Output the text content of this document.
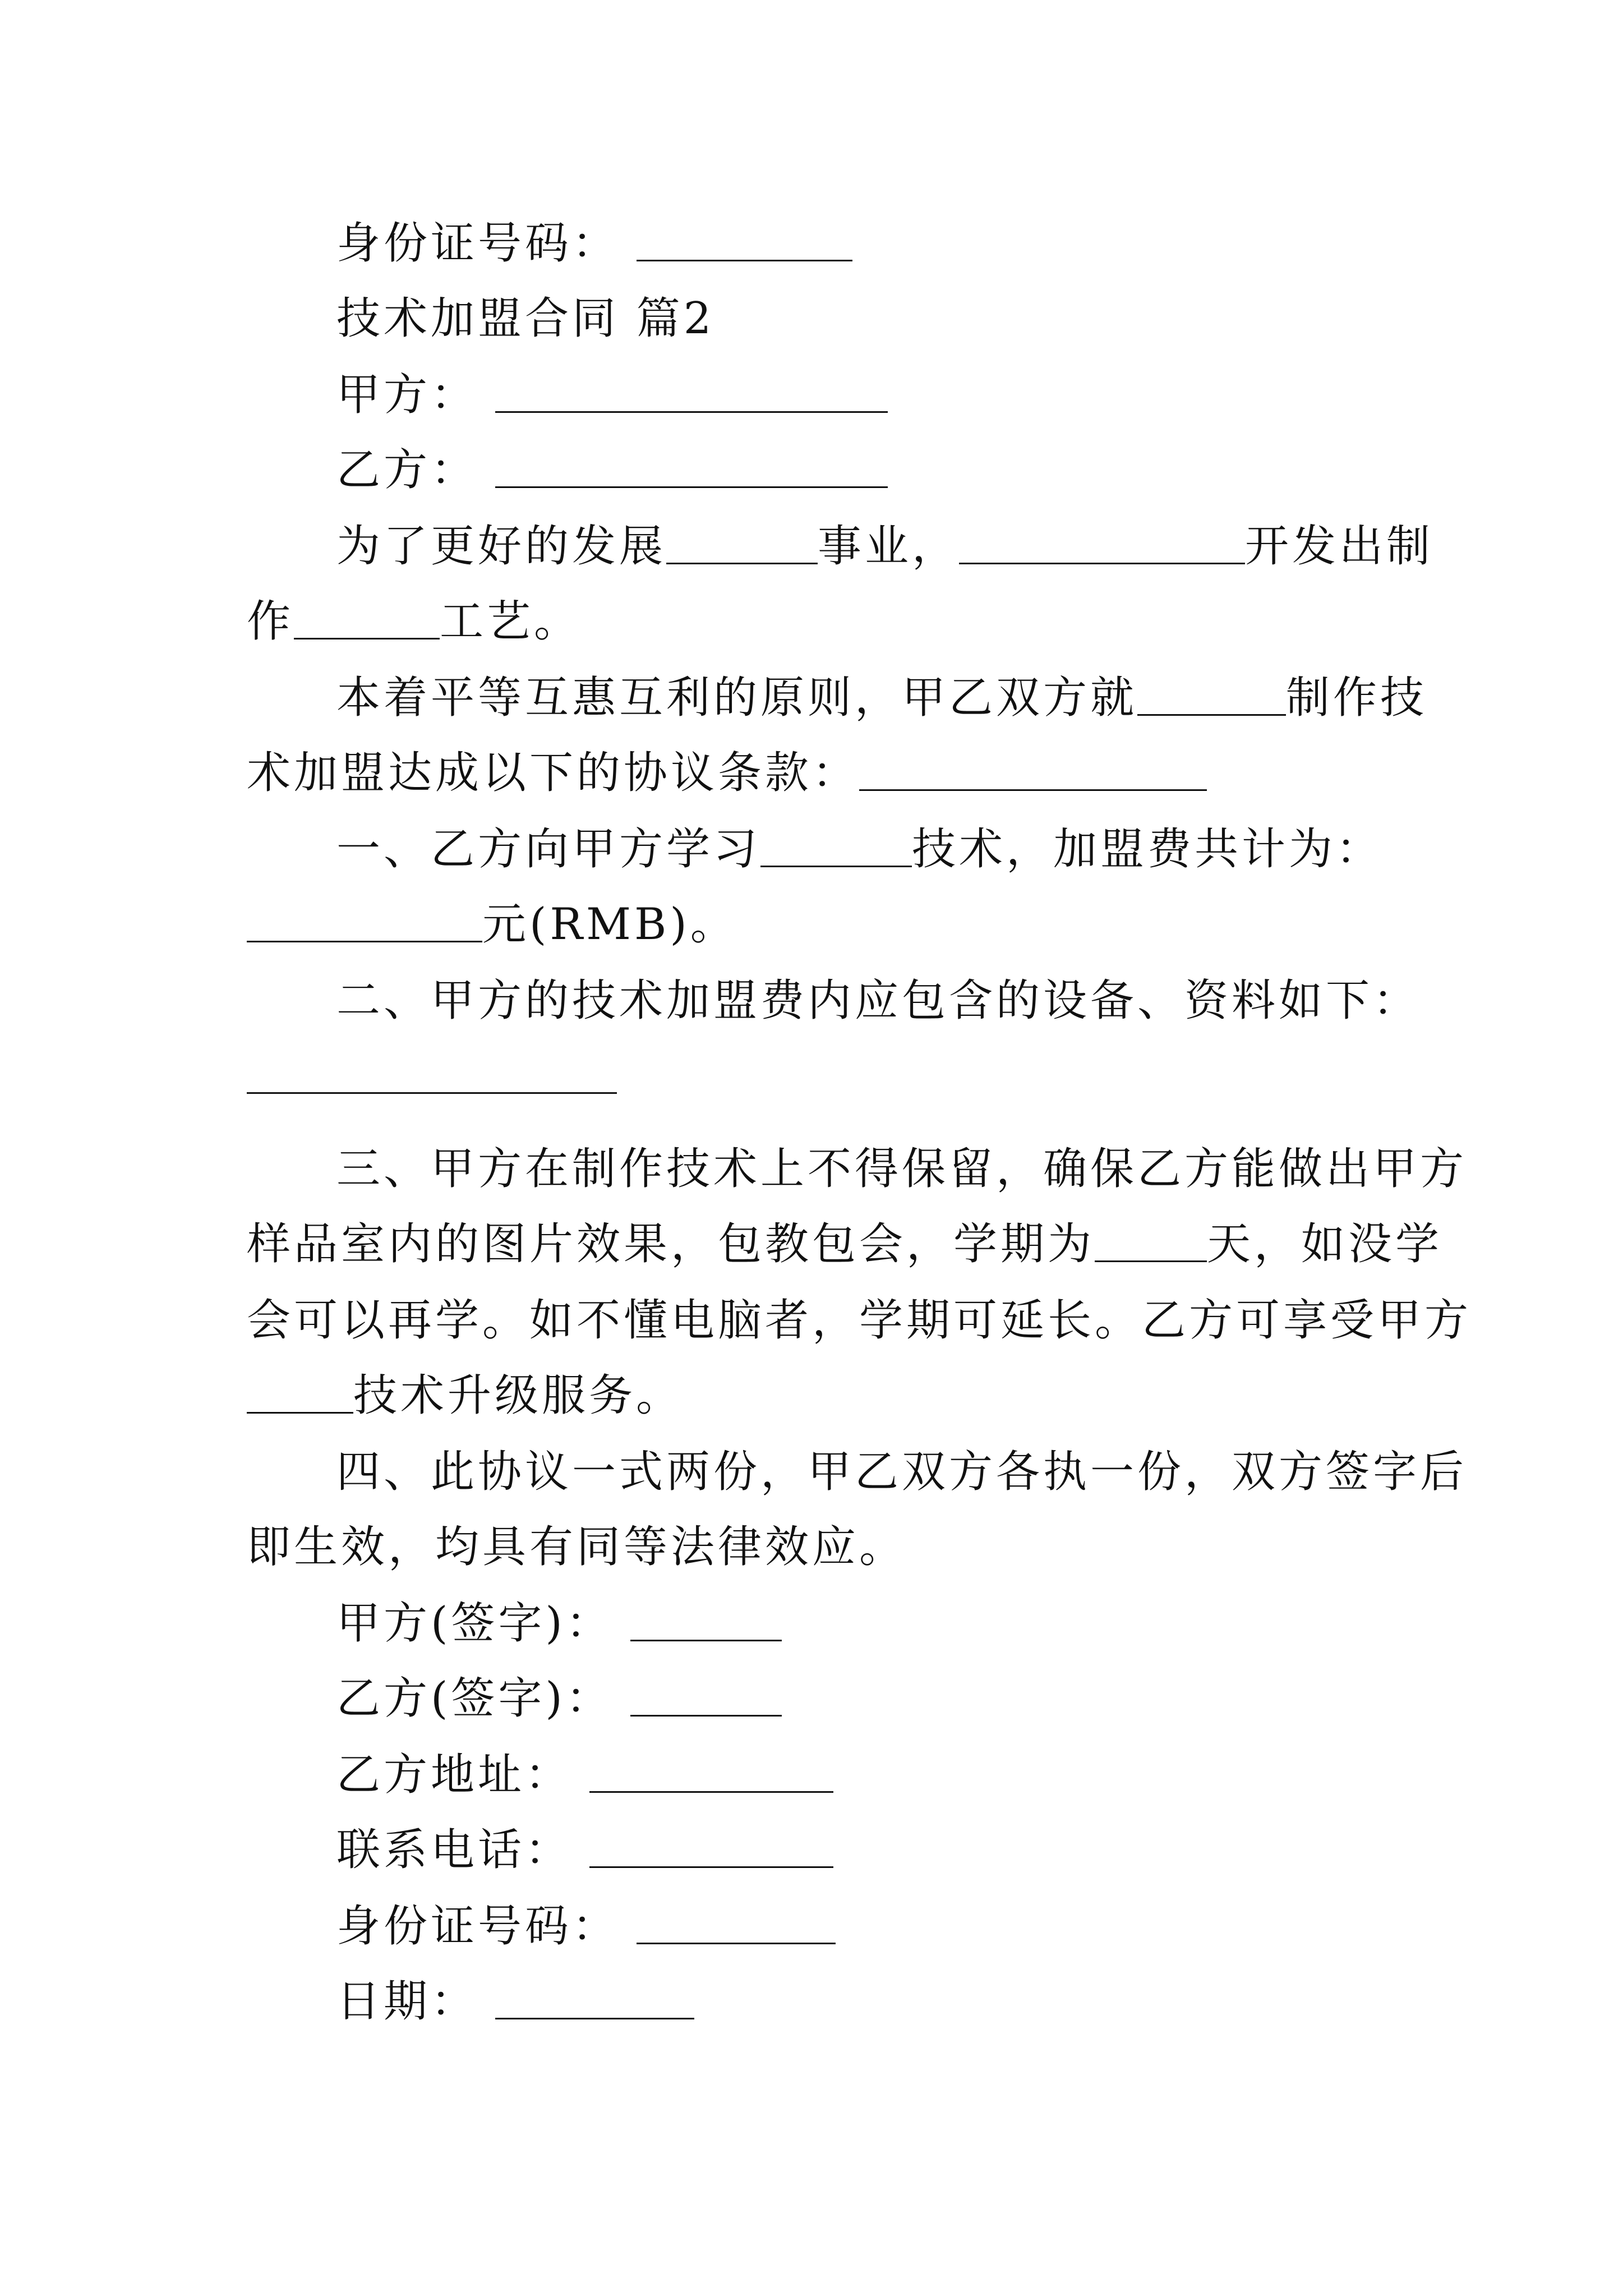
身份证号码：
技术加盟合同 篇2
甲方：
乙方：
为了更好的发展	事业，	开发出制
作	工艺。
本着平等互惠互利的原则，甲乙双方就	制作技
术加盟达成以下的协议条款：
一、乙方向甲方学习	技术，加盟费共计为：
元(RMB)。
二、甲方的技术加盟费内应包含的设备、资料如下：
三、甲方在制作技术上不得保留，确保乙方能做出甲方
样品室内的图片效果，包教包会，学期为	天，如没学
会可以再学。如不懂电脑者，学期可延长。乙方可享受甲方
技术升级服务。
四、此协议一式两份，甲乙双方各执一份，双方签字后
即生效，均具有同等法律效应。
甲方(签字)：
乙方(签字)：
乙方地址：
联系电话：
身份证号码：
日期：
